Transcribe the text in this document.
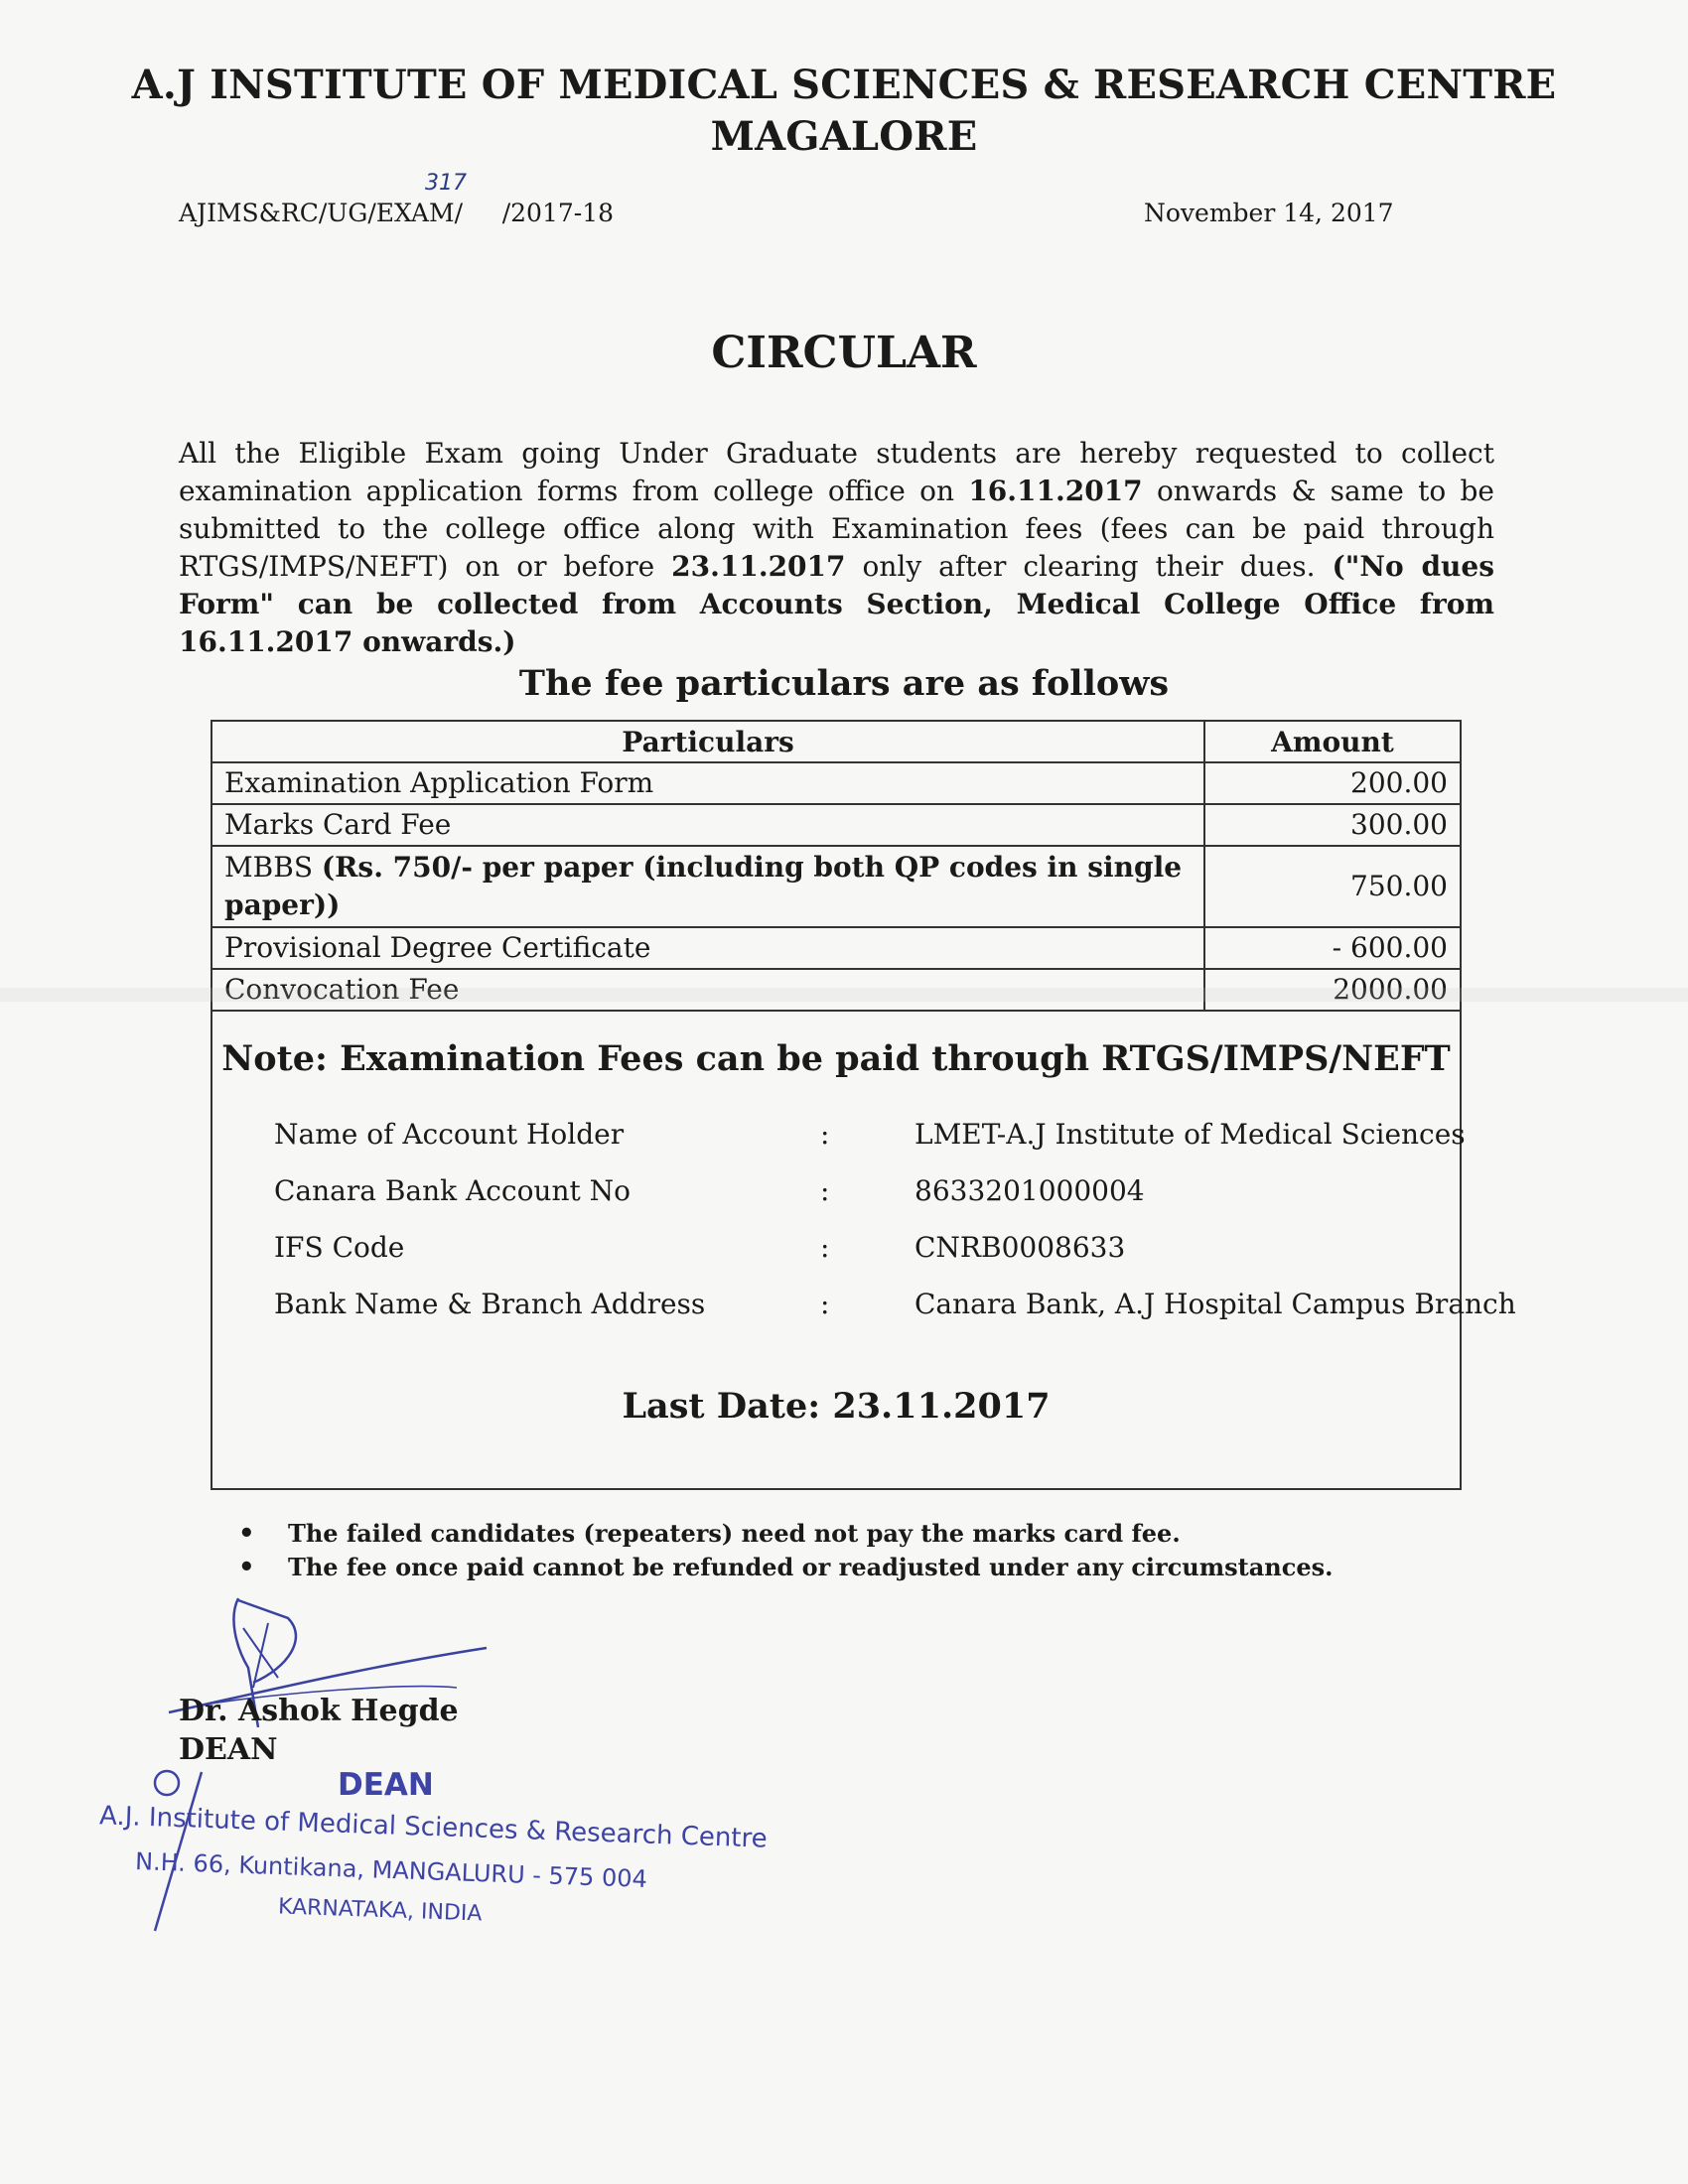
A.J INSTITUTE OF MEDICAL SCIENCES & RESEARCH CENTRE
MAGALORE
317
AJIMS&RC/UG/EXAM/     /2017-18	November 14, 2017
CIRCULAR
All the Eligible Exam going Under Graduate students are hereby requested to collect examination application forms from college office on 16.11.2017 onwards & same to be submitted to the college office along with Examination fees (fees can be paid through RTGS/IMPS/NEFT) on or before 23.11.2017 only after clearing their dues. ("No dues Form" can be collected from Accounts Section, Medical College Office from 16.11.2017 onwards.)
The fee particulars are as follows
Particulars	Amount
Examination Application Form	200.00
Marks Card Fee	300.00
MBBS (Rs. 750/- per paper (including both QP codes in single paper))	750.00
Provisional Degree Certificate	- 600.00
Convocation Fee	2000.00
Note: Examination Fees can be paid through RTGS/IMPS/NEFT
Name of Account Holder	:	LMET-A.J Institute of Medical Sciences
Canara Bank Account No	:	8633201000004
IFS Code	:	CNRB0008633
Bank Name & Branch Address	:	Canara Bank, A.J Hospital Campus Branch
Last Date: 23.11.2017
• The failed candidates (repeaters) need not pay the marks card fee.
• The fee once paid cannot be refunded or readjusted under any circumstances.
Dr. Ashok Hegde
DEAN
DEAN
A.J. Institute of Medical Sciences & Research Centre
N.H. 66, Kuntikana, MANGALURU - 575 004
KARNATAKA, INDIA
